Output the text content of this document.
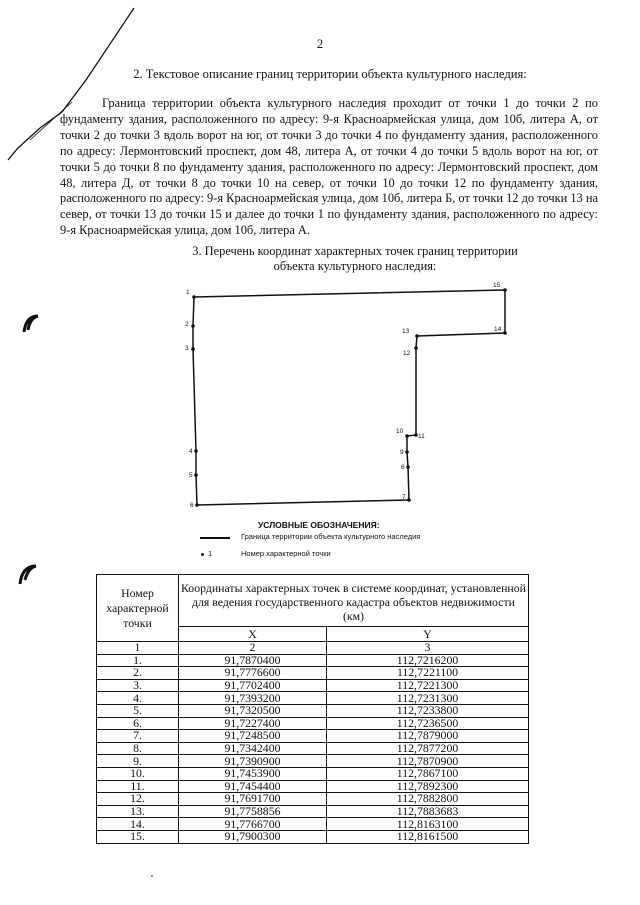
2
2. Текстовое описание границ территории объекта культурного наследия:

Граница территории объекта культурного наследия проходит от точки 1 до точки 2 по фундаменту здания, расположенного по адресу: 9-я Красноармейская улица, дом 10б, литера А, от точки 2 до точки 3 вдоль ворот на юг, от точки 3 до точки 4 по фундаменту здания, расположенного по адресу: Лермонтовский проспект, дом 48, литера А, от точки 4 до точки 5 вдоль ворот на юг, от точки 5 до точки 8 по фундаменту здания, расположенного по адресу: Лермонтовский проспект, дом 48, литера Д, от точки 8 до точки 10 на север, от точки 10 до точки 12 по фундаменту здания, расположенного по адресу: 9-я Красноармейская улица, дом 10б, литера Б, от точки 12 до точки 13 на север, от точки 13 до точки 15 и далее до точки 1 по фундаменту здания, расположенного по адресу: 9-я Красноармейская улица, дом 10б, литера А.

3. Перечень координат характерных точек границ территории
объекта культурного наследия:
1
2
3
4
5
6
7
8
9
10
11
12
13	14
15
УСЛОВНЫЕ ОБОЗНАЧЕНИЯ:
Граница территории объекта культурного наследия
1	Номер характерной точки
Номер характерной точки	Координаты характерных точек в системе координат, установленной для ведения государственного кадастра объектов недвижимости (км)	
	X	Y
1	2	3
1.	91,7870400	112,7216200
2.	91,7776600	112,7221100
3.	91,7702400	112,7221300
4.	91,7393200	112,7231300
5.	91,7320500	112,7233800
6.	91,7227400	112,7236500
7.	91,7248500	112,7879000
8.	91,7342400	112,7877200
9.	91,7390900	112,7870900
10.	91,7453900	112,7867100
11.	91,7454400	112,7892300
12.	91,7691700	112,7882800
13.	91,7758856	112,7883683
14.	91,7766700	112,8163100
15.	91,7900300	112,8161500
